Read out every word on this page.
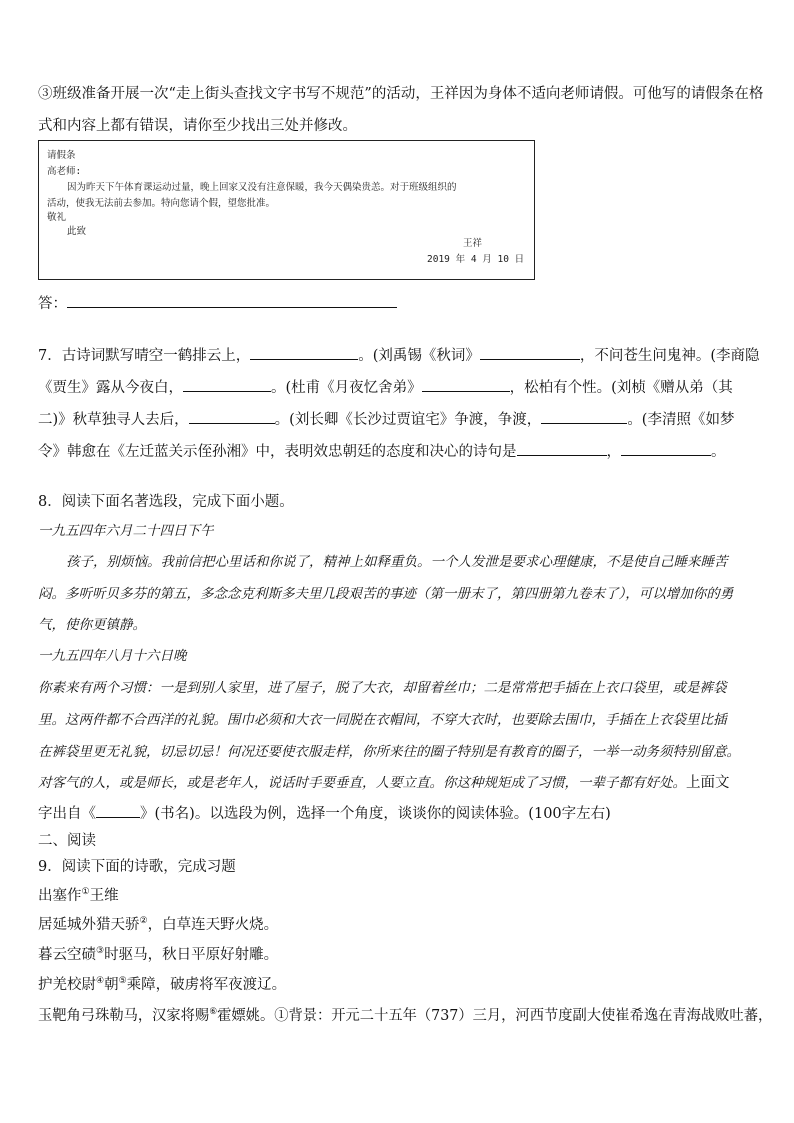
③班级准备开展一次“走上街头查找文字书写不规范”的活动，王祥因为身体不适向老师请假。可他写的请假条在格
式和内容上都有错误，请你至少找出三处并修改。
请假条
高老师:
因为昨天下午体育课运动过量，晚上回家又没有注意保暖，我今天偶染贵恙。对于班级组织的
活动，使我无法前去参加。特向您请个假，望您批准。
敬礼
此致
王祥
2019 年 4 月 10 日
答：
7．古诗词默写晴空一鹤排云上，	。(刘禹锡《秋词》	，不问苍生问鬼神。(李商隐
《贾生》露从今夜白，	。(杜甫《月夜忆舍弟》	，松柏有个性。(刘桢《赠从弟（其
二)》秋草独寻人去后，	。(刘长卿《长沙过贾谊宅》争渡，争渡，	。(李清照《如梦
令》韩愈在《左迁蓝关示侄孙湘》中，表明效忠朝廷的态度和决心的诗句是	，	。
8．阅读下面名著选段，完成下面小题。
一九五四年六月二十四日下午
孩子，别烦恼。我前信把心里话和你说了，精神上如释重负。一个人发泄是要求心理健康，不是使自己睡来睡苦
闷。多听听贝多芬的第五，多念念克利斯多夫里几段艰苦的事迹（第一册末了，第四册第九卷末了），可以增加你的勇
气，使你更镇静。
一九五四年八月十六日晚
你素来有两个习惯：一是到别人家里，进了屋子，脱了大衣，却留着丝巾；二是常常把手插在上衣口袋里，或是裤袋
里。这两件都不合西洋的礼貌。围巾必须和大衣一同脱在衣帽间，不穿大衣时，也要除去围巾，手插在上衣袋里比插
在裤袋里更无礼貌，切忌切忌！何况还要使衣服走样，你所来往的圈子特别是有教育的圈子，一举一动务须特别留意。
对客气的人，或是师长，或是老年人，说话时手要垂直，人要立直。你这种规矩成了习惯，一辈子都有好处。上面文
字出自《	》(书名)。以选段为例，选择一个角度，谈谈你的阅读体验。(100字左右)
二、阅读
9．阅读下面的诗歌，完成习题
出塞作①王维
居延城外猎天骄②，白草连天野火烧。
暮云空碛③时驱马，秋日平原好射雕。
护羌校尉④朝⑤乘障，破虏将军夜渡辽。
玉靶角弓珠勒马，汉家将赐⑥霍嫖姚。①背景：开元二十五年（737）三月，河西节度副大使崔希逸在青海战败吐蕃，
